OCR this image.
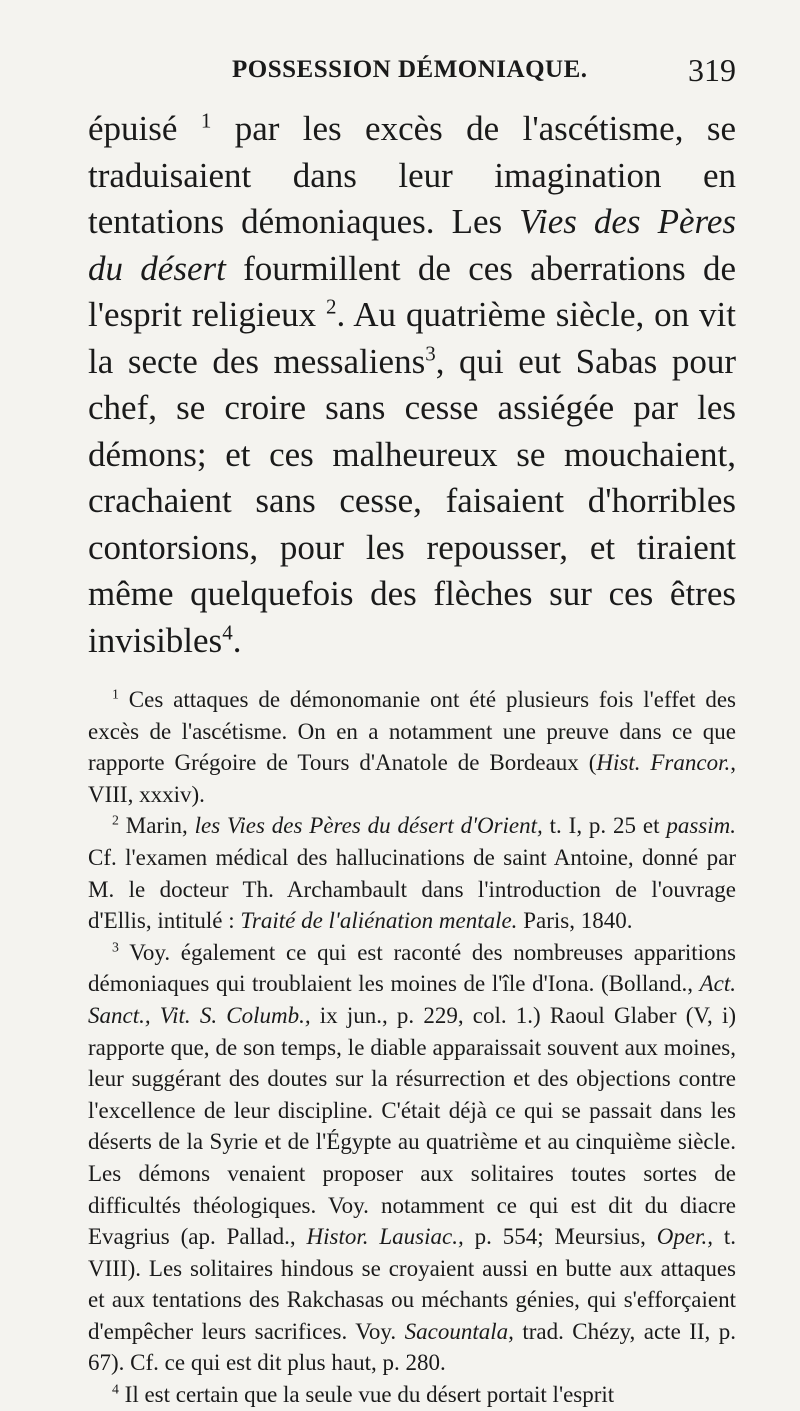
POSSESSION DÉMONIAQUE.	319

épuisé $^1$ par les excès de l'ascétisme, se traduisaient dans leur imagination en tentations démoniaques. Les Vies des Pères du désert fourmillent de ces aberrations de l'esprit religieux $^2$. Au quatrième siècle, on vit la secte des messaliens$^3$, qui eut Sabas pour chef, se croire sans cesse assiégée par les démons; et ces malheureux se mouchaient, crachaient sans cesse, faisaient d'horribles contorsions, pour les repousser, et tiraient même quelquefois des flèches sur ces êtres invisibles$^4$.

$^1$ Ces attaques de démonomanie ont été plusieurs fois l'effet des excès de l'ascétisme. On en a notamment une preuve dans ce que rapporte Grégoire de Tours d'Anatole de Bordeaux (Hist. Francor., VIII, xxxiv).

$^2$ Marin, les Vies des Pères du désert d'Orient, t. I, p. 25 et passim. Cf. l'examen médical des hallucinations de saint Antoine, donné par M. le docteur Th. Archambault dans l'introduction de l'ouvrage d'Ellis, intitulé : Traité de l'aliénation mentale. Paris, 1840.

$^3$ Voy. également ce qui est raconté des nombreuses apparitions démoniaques qui troublaient les moines de l'île d'Iona. (Bolland., Act. Sanct., Vit. S. Columb., ix jun., p. 229, col. 1.) Raoul Glaber (V, i) rapporte que, de son temps, le diable apparaissait souvent aux moines, leur suggérant des doutes sur la résurrection et des objections contre l'excellence de leur discipline. C'était déjà ce qui se passait dans les déserts de la Syrie et de l'Égypte au quatrième et au cinquième siècle. Les démons venaient proposer aux solitaires toutes sortes de difficultés théologiques. Voy. notamment ce qui est dit du diacre Evagrius (ap. Pallad., Histor. Lausiac., p. 554; Meursius, Oper., t. VIII). Les solitaires hindous se croyaient aussi en butte aux attaques et aux tentations des Rakchasas ou méchants génies, qui s'efforçaient d'empêcher leurs sacrifices. Voy. Sacountala, trad. Chézy, acte II, p. 67). Cf. ce qui est dit plus haut, p. 280.

$^4$ Il est certain que la seule vue du désert portait l'esprit
